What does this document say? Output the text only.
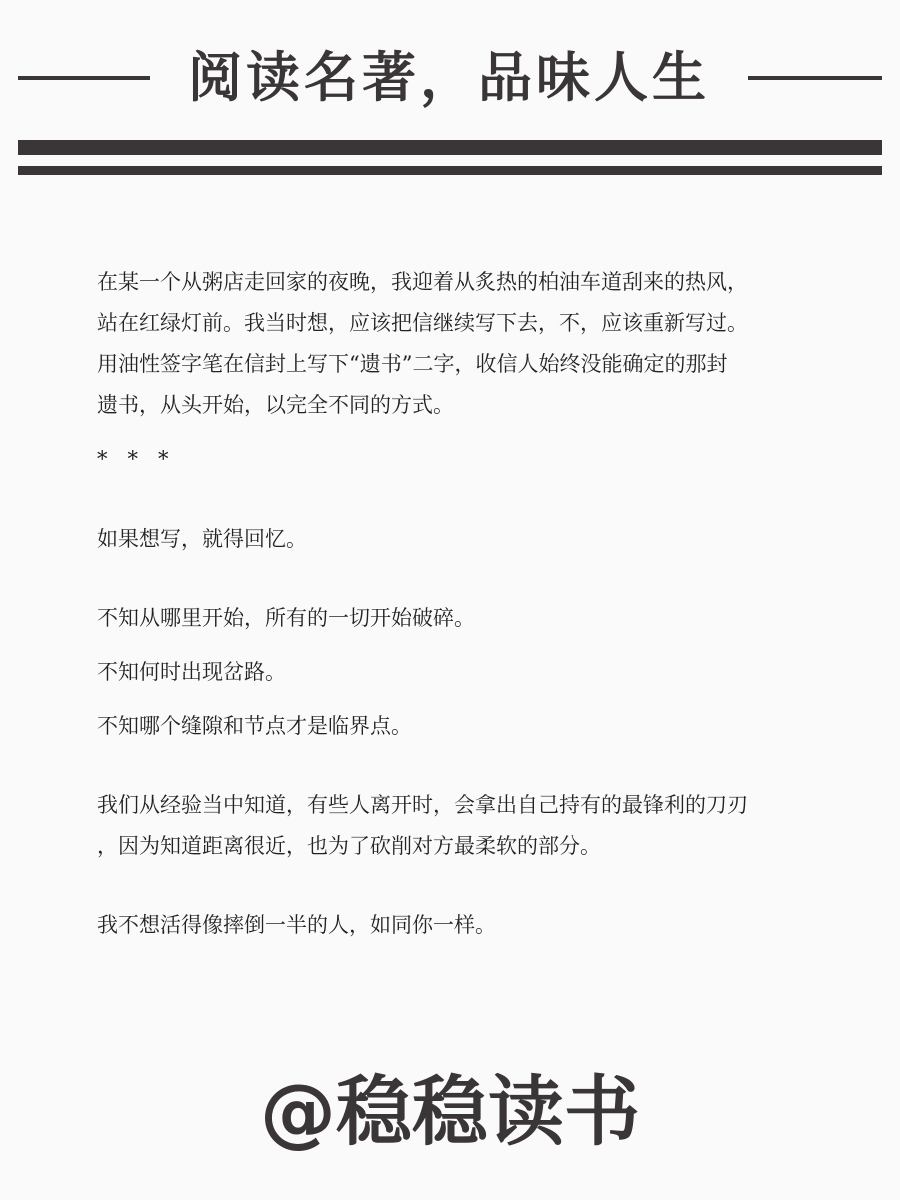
阅读名著，品味人生

在某一个从粥店走回家的夜晚，我迎着从炙热的柏油车道刮来的热风，

站在红绿灯前。我当时想，应该把信继续写下去，不，应该重新写过。

用油性签字笔在信封上写下“遗书”二字，收信人始终没能确定的那封

遗书，从头开始，以完全不同的方式。

*   *   *

如果想写，就得回忆。

不知从哪里开始，所有的一切开始破碎。

不知何时出现岔路。

不知哪个缝隙和节点才是临界点。

我们从经验当中知道，有些人离开时，会拿出自己持有的最锋利的刀刃

，因为知道距离很近，也为了砍削对方最柔软的部分。

我不想活得像摔倒一半的人，如同你一样。

@稳稳读书
